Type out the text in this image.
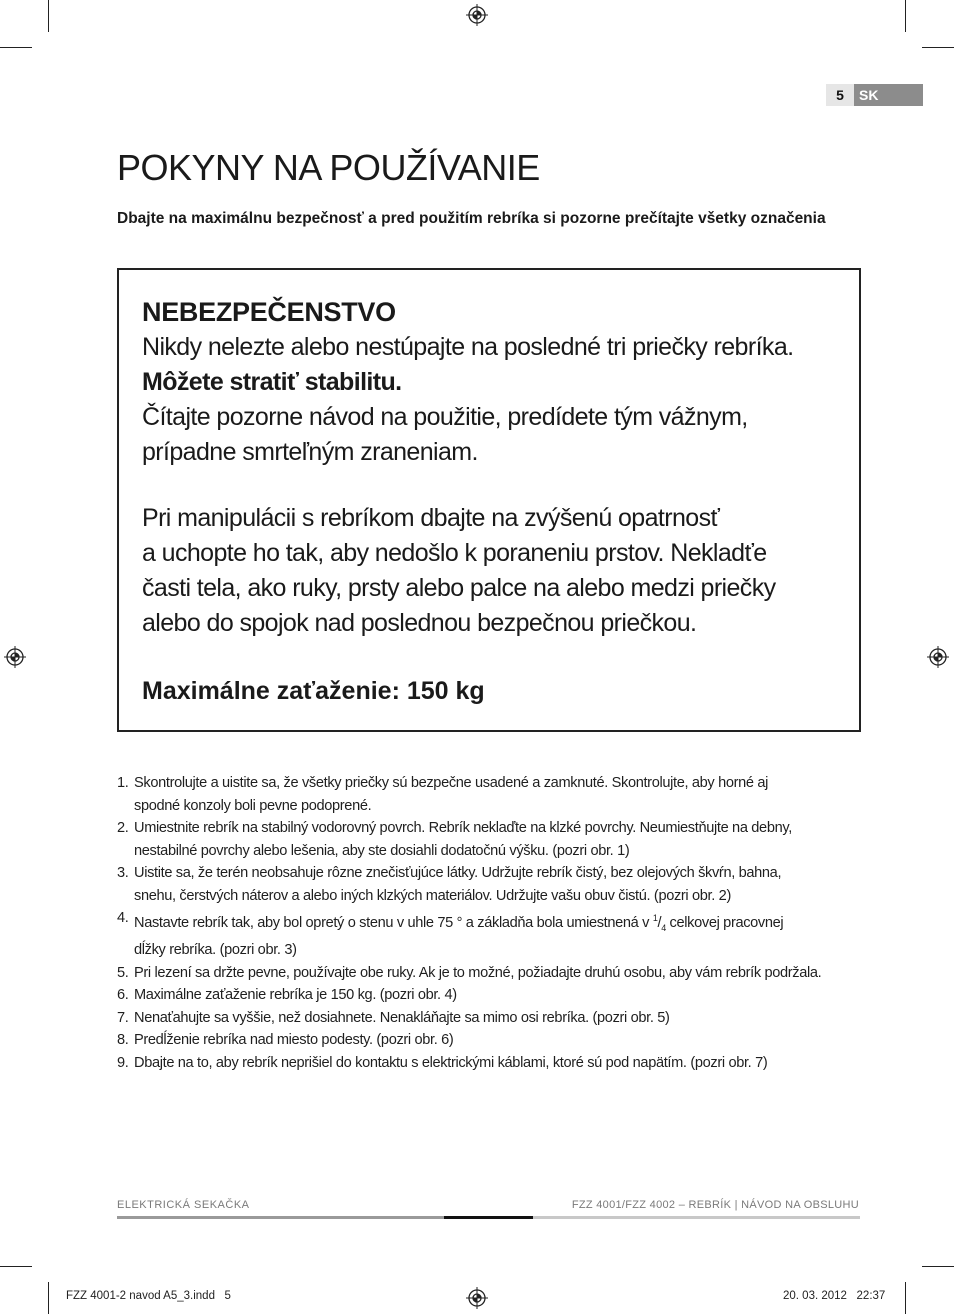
5	SK
POKYNY NA POUŽÍVANIE

Dbajte na maximálnu bezpečnosť a pred použitím rebríka si pozorne prečítajte všetky označenia

NEBEZPEČENSTVO

Nikdy nelezte alebo nestúpajte na posledné tri priečky rebríka.

Môžete stratiť stabilitu.

Čítajte pozorne návod na použitie, predídete tým vážnym,

prípadne smrteľným zraneniam.

Pri manipulácii s rebríkom dbajte na zvýšenú opatrnosť

a uchopte ho tak, aby nedošlo k poraneniu prstov. Nekladťe

časti tela, ako ruky, prsty alebo palce na alebo medzi priečky

alebo do spojok nad poslednou bezpečnou priečkou.

Maximálne zaťaženie: 150 kg

1. Skontrolujte a uistite sa, že všetky priečky sú bezpečne usadené a zamknuté. Skontrolujte, aby horné aj
spodné konzoly boli pevne podoprené.
2. Umiestnite rebrík na stabilný vodorovný povrch. Rebrík neklaďte na klzké povrchy. Neumiestňujte na debny,
nestabilné povrchy alebo lešenia, aby ste dosiahli dodatočnú výšku. (pozri obr. 1)
3. Uistite sa, že terén neobsahuje rôzne znečisťujúce látky. Udržujte rebrík čistý, bez olejových škvŕn, bahna,
snehu, čerstvých náterov a alebo iných klzkých materiálov. Udržujte vašu obuv čistú. (pozri obr. 2)
4. Nastavte rebrík tak, aby bol opretý o stenu v uhle 75 ° a základňa bola umiestnená v $^1/_4$ celkovej pracovnej
dĺžky rebríka. (pozri obr. 3)
5. Pri lezení sa držte pevne, používajte obe ruky. Ak je to možné, požiadajte druhú osobu, aby vám rebrík podržala.
6. Maximálne zaťaženie rebríka je 150 kg. (pozri obr. 4)
7. Nenaťahujte sa vyššie, než dosiahnete. Nenakláňajte sa mimo osi rebríka. (pozri obr. 5)
8. Predĺženie rebríka nad miesto podesty. (pozri obr. 6)
9. Dbajte na to, aby rebrík neprišiel do kontaktu s elektrickými káblami, ktoré sú pod napätím. (pozri obr. 7)
ELEKTRICKÁ SEKAČKA	FZZ 4001/FZZ 4002 – REBRÍK | NÁVOD NA OBSLUHU
FZZ 4001-2 navod A5_3.indd   5	20. 03. 2012   22:37
